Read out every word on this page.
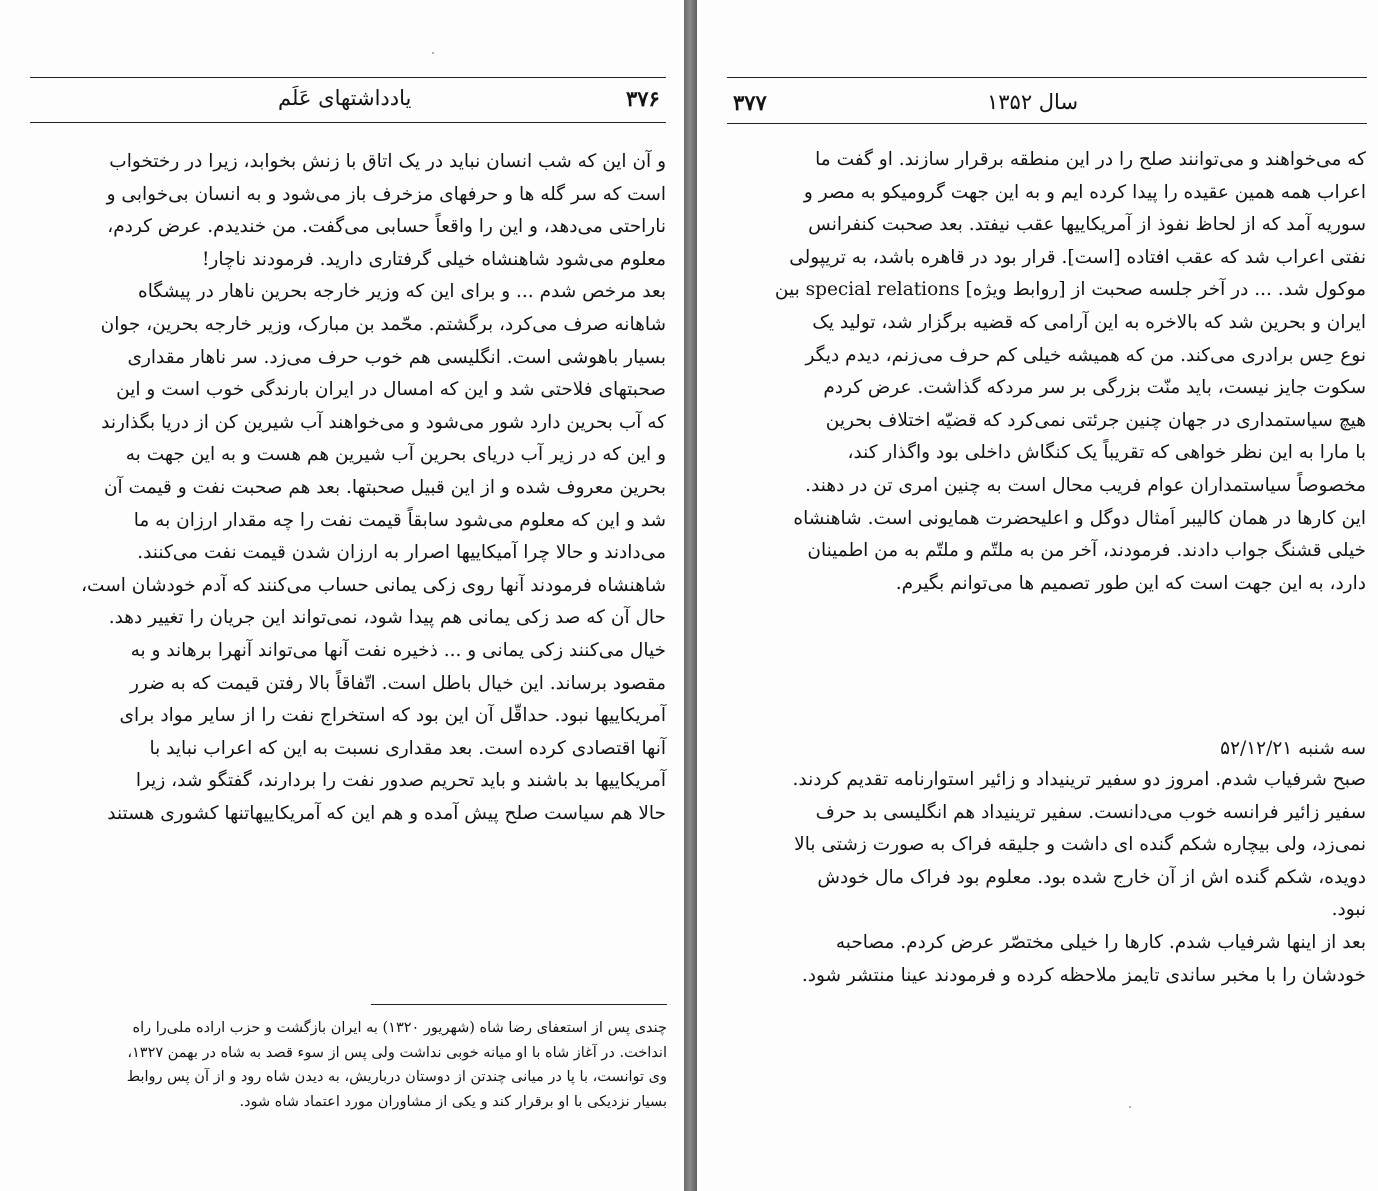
۳۷۶
یادداشتهای عَلَم
و آن این که شب انسان نباید در یک اتاق با زنش بخوابد، زیرا در رختخواب
است که سر گله ها و حرفهای مزخرف باز می‌شود و به انسان بی‌خوابی و
ناراحتی می‌دهد، و این را واقعاً حسابی می‌گفت. من خندیدم. عرض کردم،
معلوم می‌شود شاهنشاه خیلی گرفتاری دارید. فرمودند ناچار!
بعد مرخص شدم ... و برای این که وزیر خارجه بحرین ناهار در پیشگاه
شاهانه صرف می‌کرد، برگشتم. محّمد بن مبارک، وزیر خارجه بحرین، جوان
بسیار باهوشی است. انگلیسی هم خوب حرف می‌زد. سر ناهار مقداری
صحبتهای فلاحتی شد و این که امسال در ایران بارندگی خوب است و این
که آب بحرین دارد شور می‌شود و می‌خواهند آب شیرین کن از دریا بگذارند
و این که در زیر آب دریای بحرین آب شیرین هم هست و به این جهت به
بحرین معروف شده و از این قبیل صحبتها. بعد هم صحبت نفت و قیمت آن
شد و این که معلوم می‌شود سابقاً قیمت نفت را چه مقدار ارزان به ما
می‌دادند و حالا چرا آمیکاییها اصرار به ارزان شدن قیمت نفت می‌کنند.
شاهنشاه فرمودند آنها روی زکی یمانی حساب می‌کنند که آدم خودشان است،
حال آن که صد زکی یمانی هم پیدا شود، نمی‌تواند این جریان را تغییر دهد.
خیال می‌کنند زکی یمانی و ... ذخیره نفت آنها می‌تواند آنهرا برهاند و به
مقصود برساند. این خیال باطل است. اتّفاقاً بالا رفتن قیمت که به ضرر
آمریکاییها نبود. حداقّل آن این بود که استخراج نفت را از سایر مواد برای
آنها اقتصادی کرده است. بعد مقداری نسبت به این که اعراب نباید با
آمریکاییها بد باشند و باید تحریم صدور نفت را بردارند، گفتگو شد، زیرا
حالا هم سیاست صلح پیش آمده و هم این که آمریکاییهاتنها کشوری هستند
چندی پس از استعفای رضا شاه (شهریور ۱۳۲۰) به ایران بازگشت و حزب اراده ملی‌را راه
انداخت. در آغاز شاه با او میانه خوبی نداشت ولی پس از سوء قصد به شاه در بهمن ۱۳۲۷،
وی توانست، با پا در میانی چندتن از دوستان درباریش، به دیدن شاه رود و از آن پس روابط
بسیار نزدیکی با او برقرار کند و یکی از مشاوران مورد اعتماد شاه شود.
۳۷۷	سال ۱۳۵۲
که می‌خواهند و می‌توانند صلح را در این منطقه برقرار سازند. او گفت ما
اعراب همه همین عقیده را پیدا کرده ایم و به این جهت گرومیکو به مصر و
سوریه آمد که از لحاظ نفوذ از آمریکاییها عقب نیفتد. بعد صحبت کنفرانس
نفتی اعراب شد که عقب افتاده [است]. قرار بود در قاهره باشد، به تریپولی
موکول شد. ... در آخر جلسه صحبت از [روابط ویژه] special relations بین
ایران و بحرین شد که بالاخره به این آرامی که قضیه برگزار شد، تولید یک
نوع حِس برادری می‌کند. من که همیشه خیلی کم حرف می‌زنم، دیدم دیگر
سکوت جایز نیست، باید منّت بزرگی بر سر مردکه گذاشت. عرض کردم
هیچ سیاستمداری در جهان چنین جرئتی نمی‌کرد که قضیّه اختلاف بحرین
با مارا به این نظر خواهی که تقریباً یک کنگاش داخلی بود واگذار کند،
مخصوصاً سیاستمداران عوام فریب محال است به چنین امری تن در دهند.
این کارها در همان کالیبر اَمثال دوگل و اعلیحضرت همایونی است. شاهنشاه
خیلی قشنگ جواب دادند. فرمودند، آخر من به ملتّم و ملتّم به من اطمینان
دارد، به این جهت است که این طور تصمیم ها می‌توانم بگیرم.
سه شنبه ۵۲/۱۲/۲۱
صبح شرفیاب شدم. امروز دو سفیر ترینیداد و زائیر استوارنامه تقدیم کردند.
سفیر زائیر فرانسه خوب می‌دانست. سفیر ترینیداد هم انگلیسی بد حرف
نمی‌زد، ولی بیچاره شکم گنده ای داشت و جلیقه فراک به صورت زشتی بالا
دویده، شکم گنده اش از آن خارج شده بود. معلوم بود فراک مال خودش
نبود.
بعد از اینها شرفیاب شدم. کارها را خیلی مختصّر عرض کردم. مصاحبه
خودشان را با مخبر ساندی تایمز ملاحظه کرده و فرمودند عینا منتشر شود.
